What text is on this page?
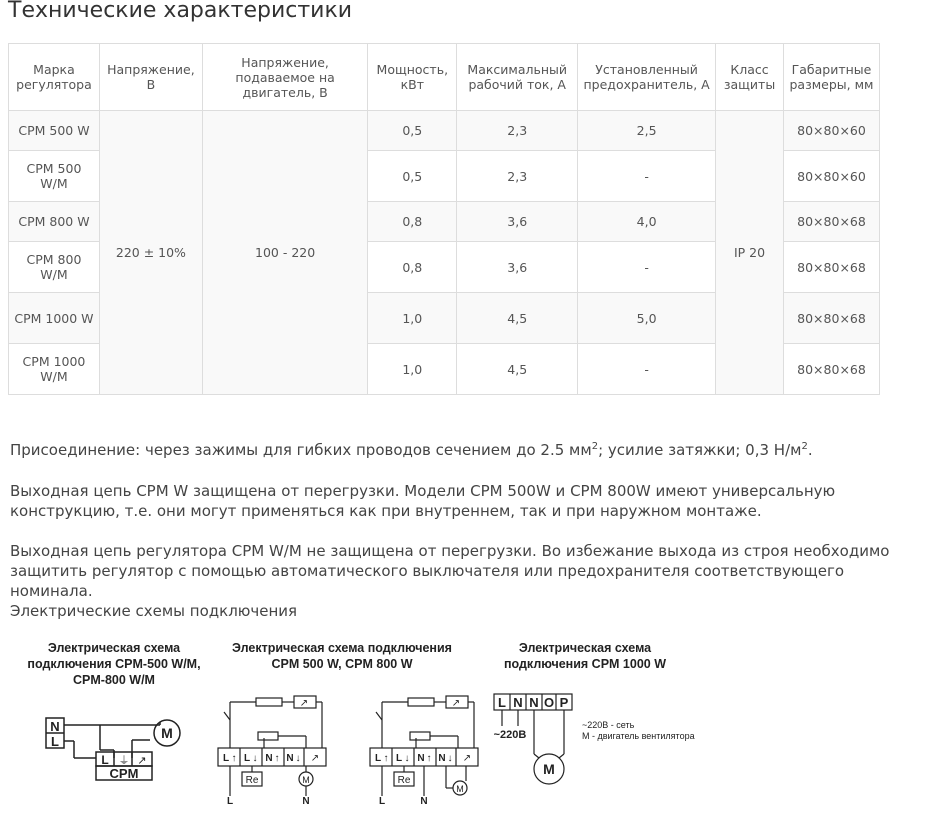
Технические характеристики
Марка регулятора	Напряжение, В	Напряжение, подаваемое на двигатель, В	Мощность, кВт	Максимальный рабочий ток, А	Установленный предохранитель, А	Класс защиты	Габаритные размеры, мм
CPM 500 W	220 ± 10%	100 - 220	0,5	2,3	2,5	IP 20	80×80×60
CPM 500 W/M			0,5	2,3	-		80×80×60
CPM 800 W			0,8	3,6	4,0		80×80×68
CPM 800 W/M			0,8	3,6	-		80×80×68
CPM 1000 W			1,0	4,5	5,0		80×80×68
CPM 1000 W/M			1,0	4,5	-		80×80×68

Присоединение: через зажимы для гибких проводов сечением до 2.5 $мм^2$; усилие затяжки; 0,3 $Н/м^2$.

Выходная цепь CPM W защищена от перегрузки. Модели CPM 500W и CPM 800W имеют универсальную конструкцию, т.е. они могут применяться как при внутреннем, так и при наружном монтаже.

Выходная цепь регулятора CPM W/M не защищена от перегрузки. Во избежание выхода из строя необходимо защитить регулятор с помощью автоматического выключателя или предохранителя соответствующего номинала.

Электрические схемы подключения

Электрическая схема подключения CPM-500 W/M, CPM-800 W/M
Электрическая схема подключения CPM 500 W, CPM 800 W
Электрическая схема подключения CPM 1000 W
N
L
M
L ⏚ ↗
CPM
↗
L ↑ L ↓ N ↑ N ↓ ↗
Re	M
L	N
↗
L ↑ L ↓ N ↑ N ↓ ↗
Re
M
L	N
L N N O P
~220В
M
~220В - сеть
М - двигатель вентилятора
